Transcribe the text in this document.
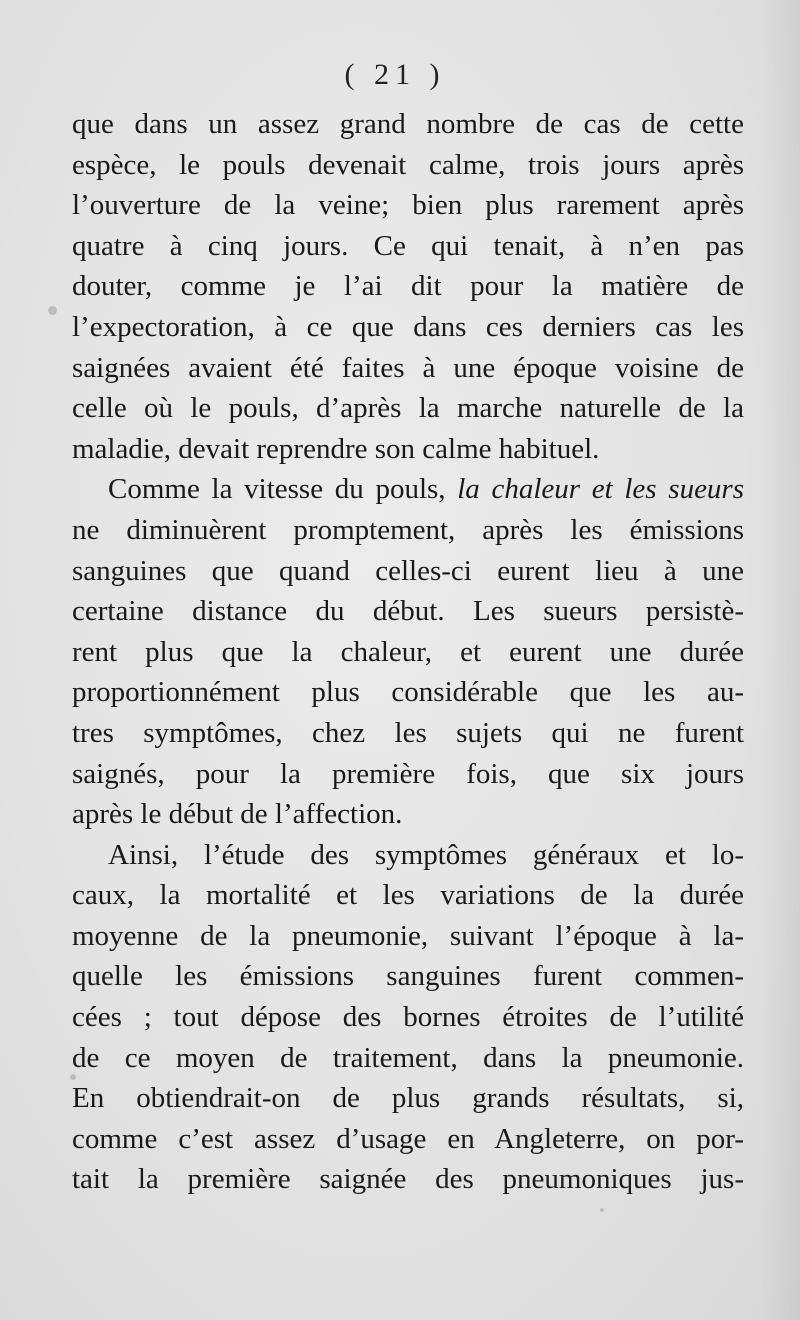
( 21 )
que dans un assez grand nombre de cas de cette
espèce, le pouls devenait calme, trois jours après
l’ouverture de la veine; bien plus rarement après
quatre à cinq jours. Ce qui tenait, à n’en pas
douter, comme je l’ai dit pour la matière de
l’expectoration, à ce que dans ces derniers cas les
saignées avaient été faites à une époque voisine de
celle où le pouls, d’après la marche naturelle de la
maladie, devait reprendre son calme habituel.
Comme la vitesse du pouls, la chaleur et les sueurs
ne diminuèrent promptement, après les émissions
sanguines que quand celles-ci eurent lieu à une
certaine distance du début. Les sueurs persistè-
rent plus que la chaleur, et eurent une durée
proportionnément plus considérable que les au-
tres symptômes, chez les sujets qui ne furent
saignés, pour la première fois, que six jours
après le début de l’affection.
Ainsi, l’étude des symptômes généraux et lo-
caux, la mortalité et les variations de la durée
moyenne de la pneumonie, suivant l’époque à la-
quelle les émissions sanguines furent commen-
cées ; tout dépose des bornes étroites de l’utilité
de ce moyen de traitement, dans la pneumonie.
En obtiendrait-on de plus grands résultats, si,
comme c’est assez d’usage en Angleterre, on por-
tait la première saignée des pneumoniques jus-
